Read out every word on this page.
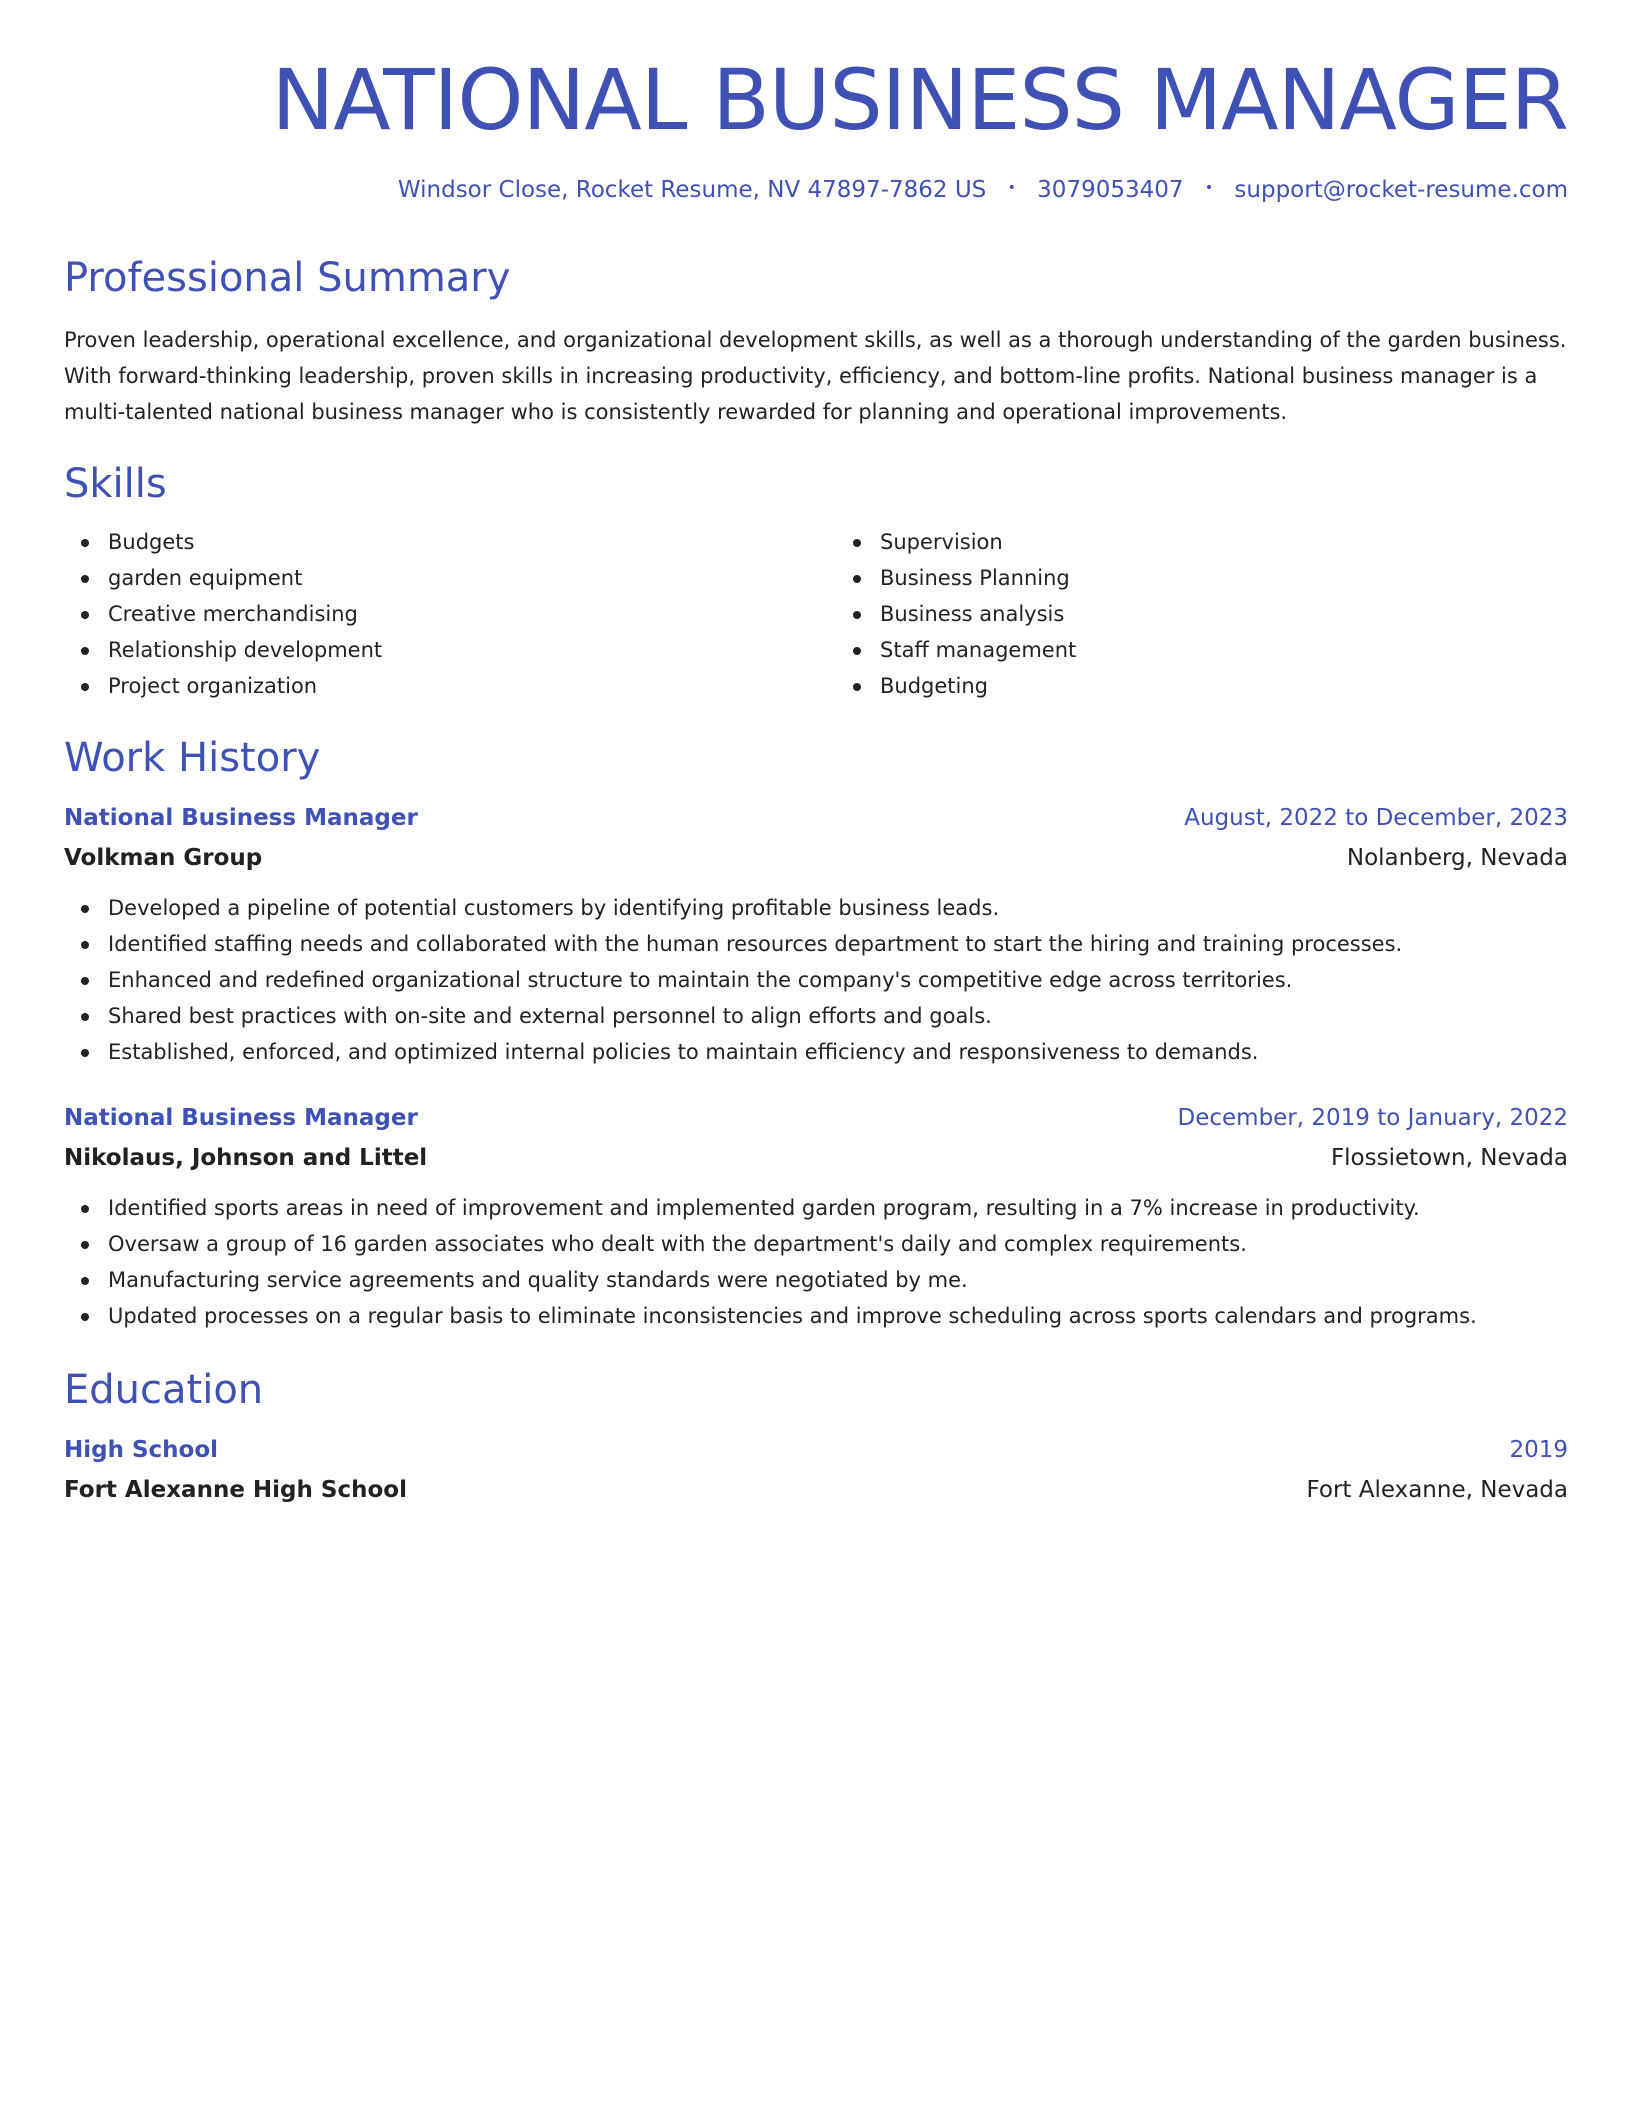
NATIONAL BUSINESS MANAGER
Windsor Close, Rocket Resume, NV 47897-7862 US • 3079053407 • support@rocket-resume.com
Professional Summary

Proven leadership, operational excellence, and organizational development skills, as well as a thorough understanding of the garden business. With forward-thinking leadership, proven skills in increasing productivity, efficiency, and bottom-line profits. National business manager is a multi-talented national business manager who is consistently rewarded for planning and operational improvements.

Skills
Budgets
garden equipment
Creative merchandising
Relationship development
Project organization
Supervision
Business Planning
Business analysis
Staff management
Budgeting
Work History
National Business Manager	August, 2022 to December, 2023
Volkman Group	Nolanberg, Nevada
Developed a pipeline of potential customers by identifying profitable business leads.
Identified staffing needs and collaborated with the human resources department to start the hiring and training processes.
Enhanced and redefined organizational structure to maintain the company's competitive edge across territories.
Shared best practices with on-site and external personnel to align efforts and goals.
Established, enforced, and optimized internal policies to maintain efficiency and responsiveness to demands.
National Business Manager	December, 2019 to January, 2022
Nikolaus, Johnson and Littel	Flossietown, Nevada
Identified sports areas in need of improvement and implemented garden program, resulting in a 7% increase in productivity.
Oversaw a group of 16 garden associates who dealt with the department's daily and complex requirements.
Manufacturing service agreements and quality standards were negotiated by me.
Updated processes on a regular basis to eliminate inconsistencies and improve scheduling across sports calendars and programs.
Education
High School	2019
Fort Alexanne High School	Fort Alexanne, Nevada
